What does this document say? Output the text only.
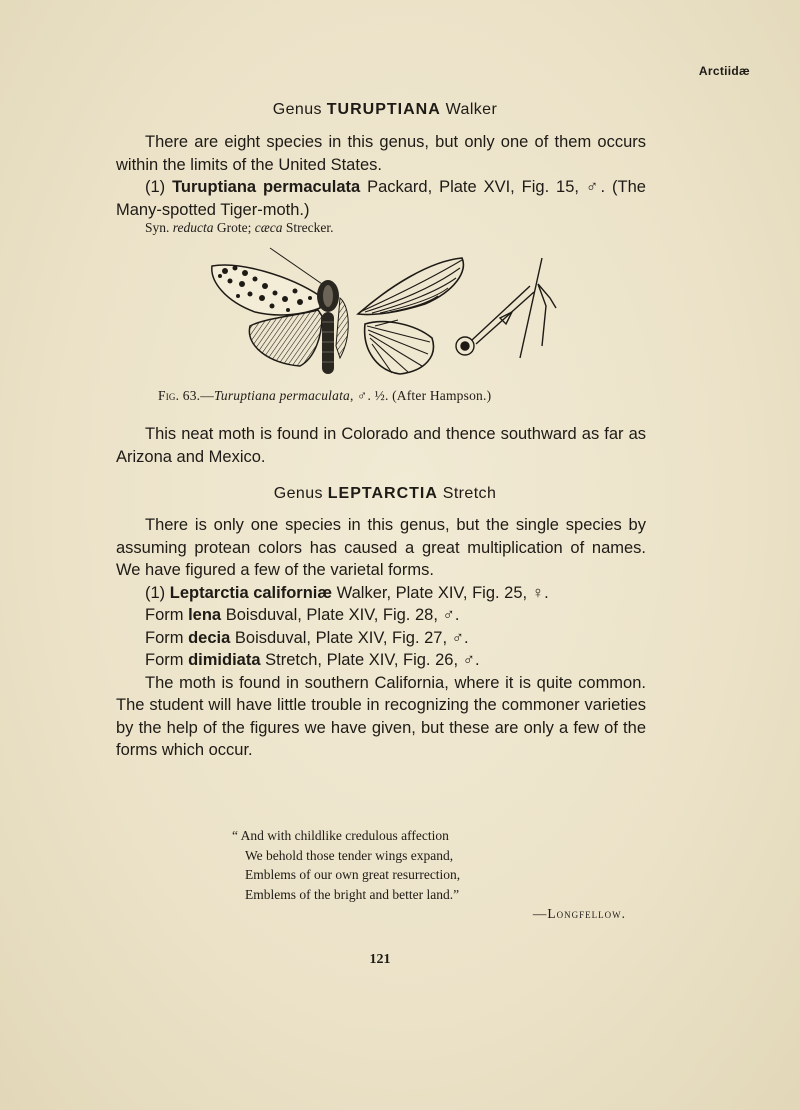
Arctiidæ
Genus TURUPTIANA Walker

There are eight species in this genus, but only one of them occurs within the limits of the United States.

(1) Turuptiana permaculata Packard, Plate XVI, Fig. 15, ♂. (The Many-spotted Tiger-moth.)

Syn. reducta Grote; cæca Strecker.
Fig. 63.—Turuptiana permaculata, ♂. ½. (After Hampson.)

This neat moth is found in Colorado and thence southward as far as Arizona and Mexico.

Genus LEPTARCTIA Stretch

There is only one species in this genus, but the single species by assuming protean colors has caused a great multiplication of names. We have figured a few of the varietal forms.

(1) Leptarctia californiæ Walker, Plate XIV, Fig. 25, ♀.

Form lena Boisduval, Plate XIV, Fig. 28, ♂.

Form decia Boisduval, Plate XIV, Fig. 27, ♂.

Form dimidiata Stretch, Plate XIV, Fig. 26, ♂.

The moth is found in southern California, where it is quite common. The student will have little trouble in recognizing the commoner varieties by the help of the figures we have given, but these are only a few of the forms which occur.

“ And with childlike credulous affection

We behold those tender wings expand,

Emblems of our own great resurrection,

Emblems of the bright and better land.”

—Longfellow.

121
